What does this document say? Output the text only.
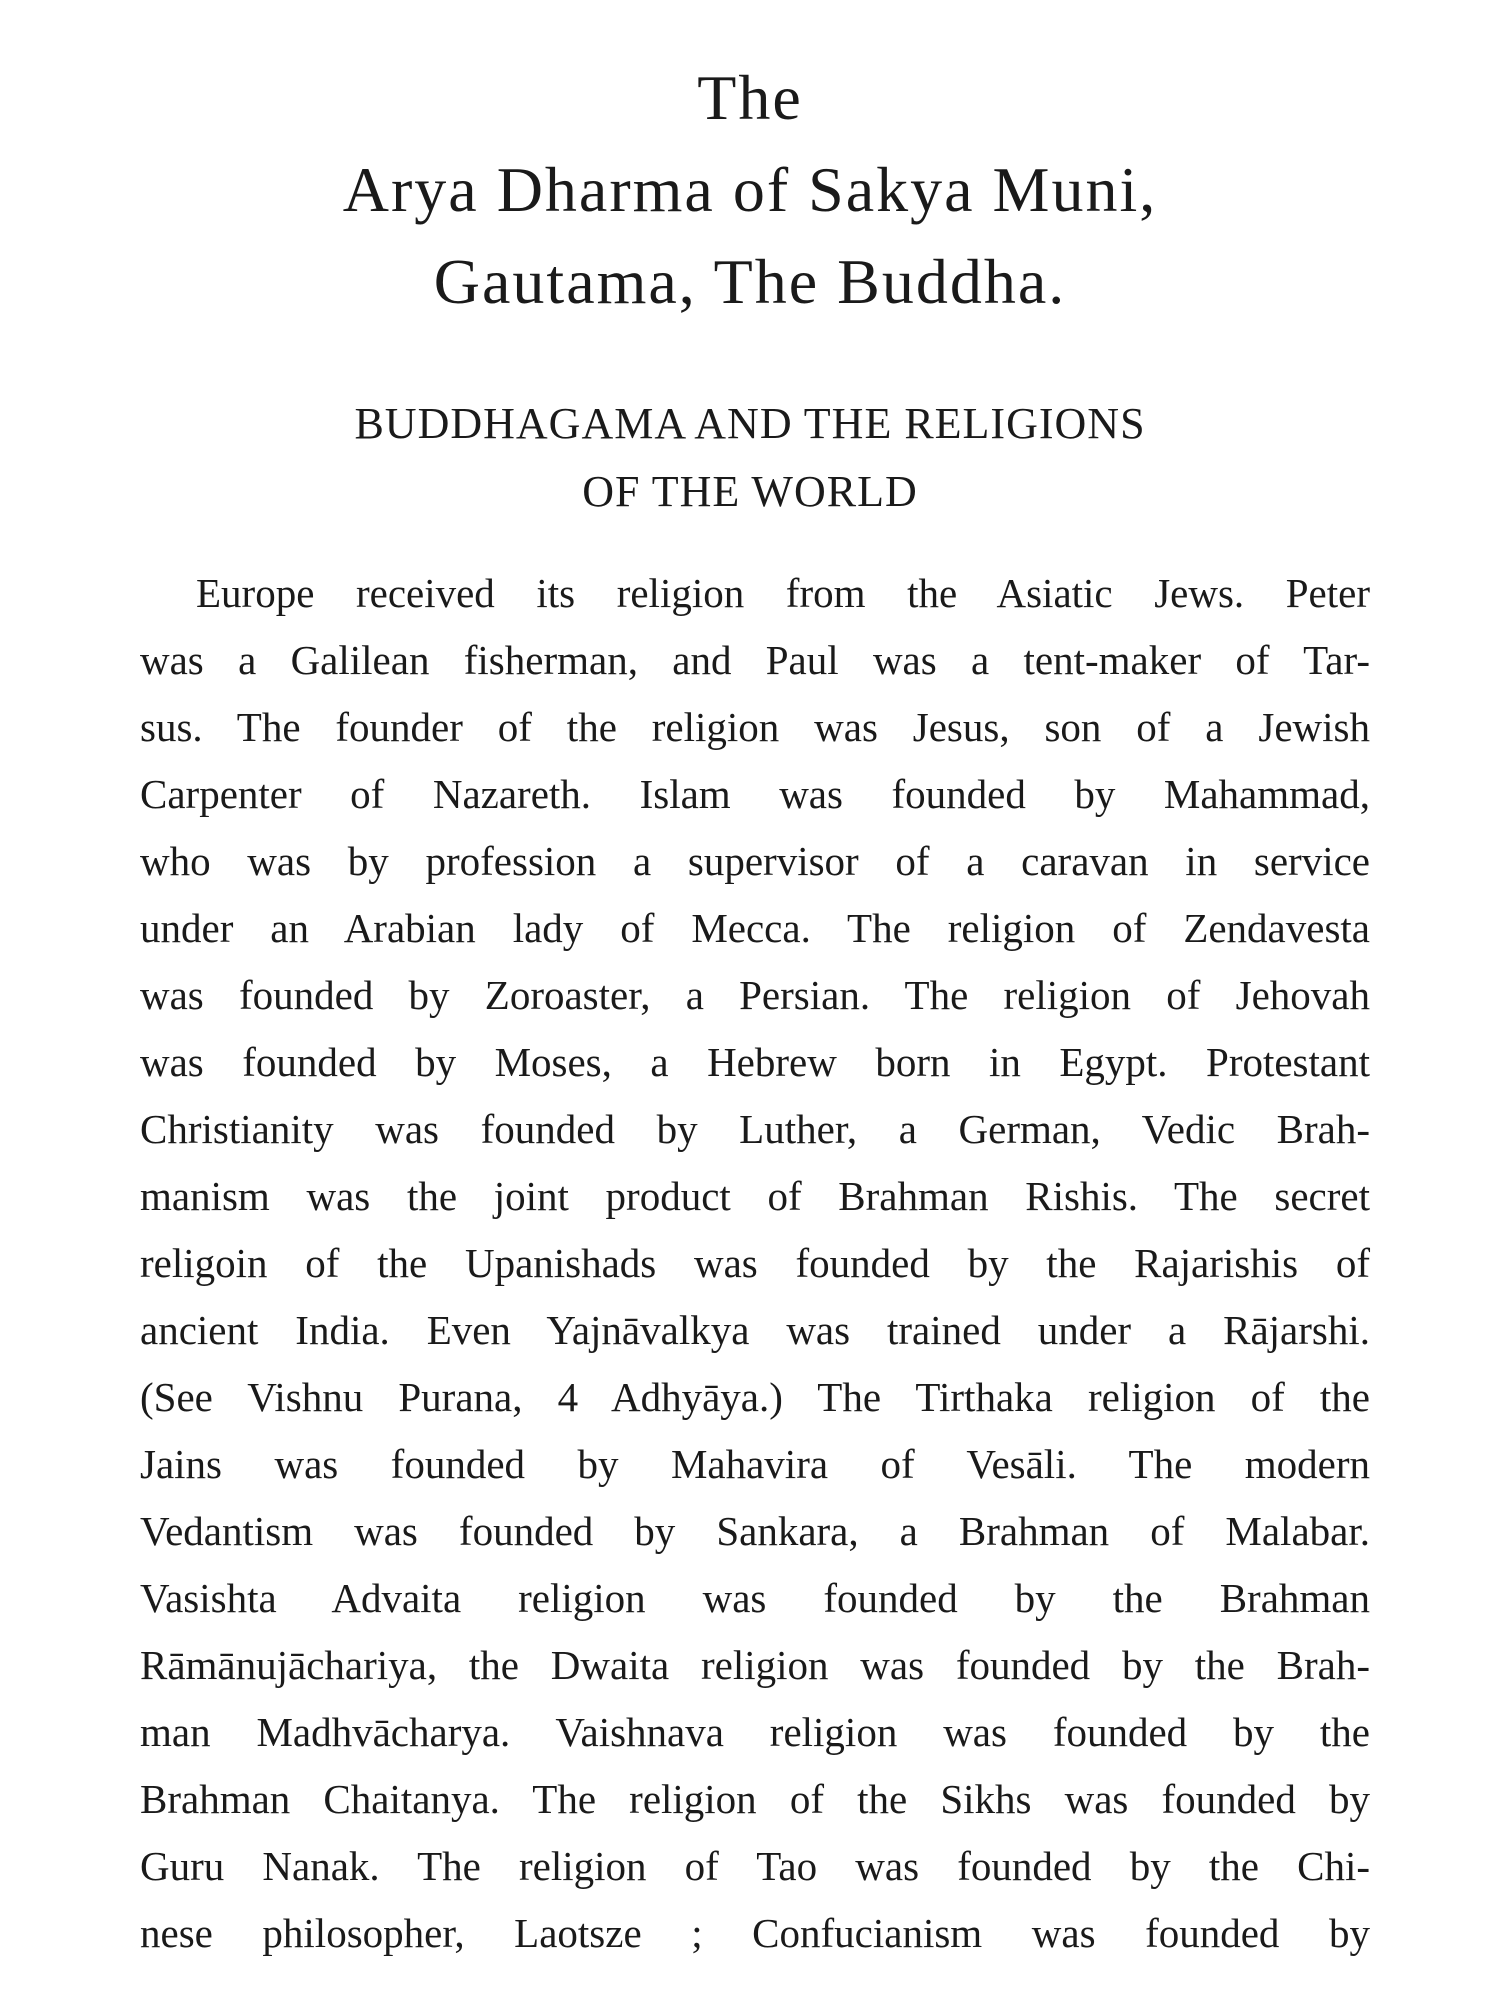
The
Arya Dharma of Sakya Muni,
Gautama, The Buddha.
BUDDHAGAMA AND THE RELIGIONS
OF THE WORLD
Europe received its religion from the Asiatic Jews. Peter
was a Galilean fisherman, and Paul was a tent-maker of Tar-
sus. The founder of the religion was Jesus, son of a Jewish
Carpenter of Nazareth. Islam was founded by Mahammad,
who was by profession a supervisor of a caravan in service
under an Arabian lady of Mecca. The religion of Zendavesta
was founded by Zoroaster, a Persian. The religion of Jehovah
was founded by Moses, a Hebrew born in Egypt. Protestant
Christianity was founded by Luther, a German, Vedic Brah-
manism was the joint product of Brahman Rishis. The secret
religoin of the Upanishads was founded by the Rajarishis of
ancient India. Even Yajnāvalkya was trained under a Rājarshi.
(See Vishnu Purana, 4 Adhyāya.) The Tirthaka religion of the
Jains was founded by Mahavira of Vesāli. The modern
Vedantism was founded by Sankara, a Brahman of Malabar.
Vasishta Advaita religion was founded by the Brahman
Rāmānujāchariya, the Dwaita religion was founded by the Brah-
man Madhvācharya. Vaishnava religion was founded by the
Brahman Chaitanya. The religion of the Sikhs was founded by
Guru Nanak. The religion of Tao was founded by the Chi-
nese philosopher, Laotsze ; Confucianism was founded by
